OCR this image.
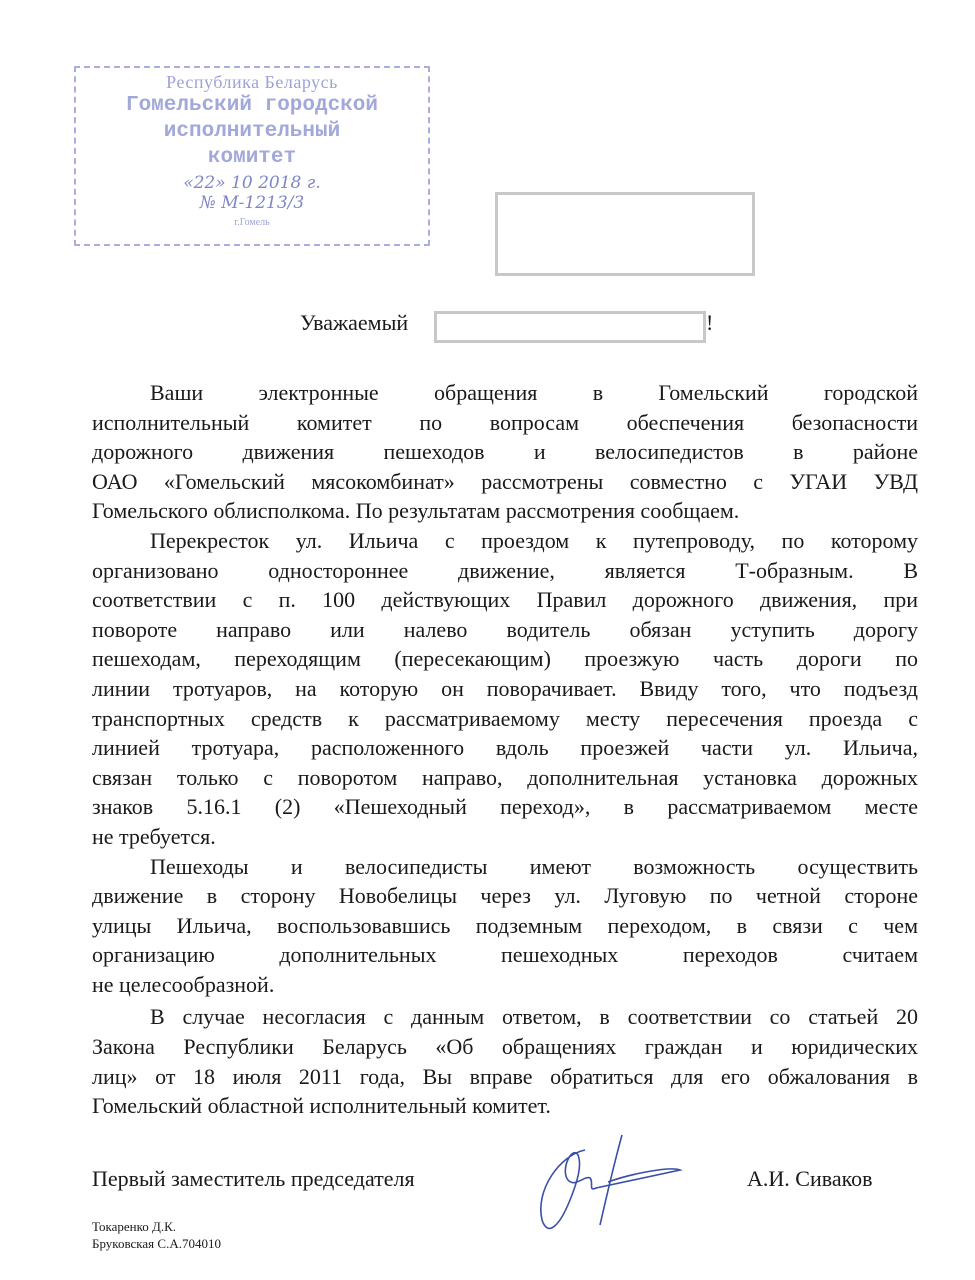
Республика Беларусь
Гомельский городской
исполнительный
комитет
«22» 10 2018 г.
№ М-1213/3
г.Гомель
Уважаемый	!
Ваши электронные обращения в Гомельский городской
исполнительный комитет по вопросам обеспечения безопасности
дорожного движения пешеходов и велосипедистов в районе
ОАО «Гомельский мясокомбинат» рассмотрены совместно с УГАИ УВД
Гомельского облисполкома. По результатам рассмотрения сообщаем.
Перекресток ул. Ильича с проездом к путепроводу, по которому
организовано одностороннее движение, является Т-образным. В
соответствии с п. 100 действующих Правил дорожного движения, при
повороте направо или налево водитель обязан уступить дорогу
пешеходам, переходящим (пересекающим) проезжую часть дороги по
линии тротуаров, на которую он поворачивает. Ввиду того, что подъезд
транспортных средств к рассматриваемому месту пересечения проезда с
линией тротуара, расположенного вдоль проезжей части ул. Ильича,
связан только с поворотом направо, дополнительная установка дорожных
знаков 5.16.1 (2) «Пешеходный переход», в рассматриваемом месте
не требуется.
Пешеходы и велосипедисты имеют возможность осуществить
движение в сторону Новобелицы через ул. Луговую по четной стороне
улицы Ильича, воспользовавшись подземным переходом, в связи с чем
организацию дополнительных пешеходных переходов считаем
не целесообразной.
В случае несогласия с данным ответом, в соответствии со статьей 20
Закона Республики Беларусь «Об обращениях граждан и юридических
лиц» от 18 июля 2011 года, Вы вправе обратиться для его обжалования в
Гомельский областной исполнительный комитет.
Первый заместитель председателя	А.И. Сиваков
Токаренко Д.К.
Бруковская С.А.704010
